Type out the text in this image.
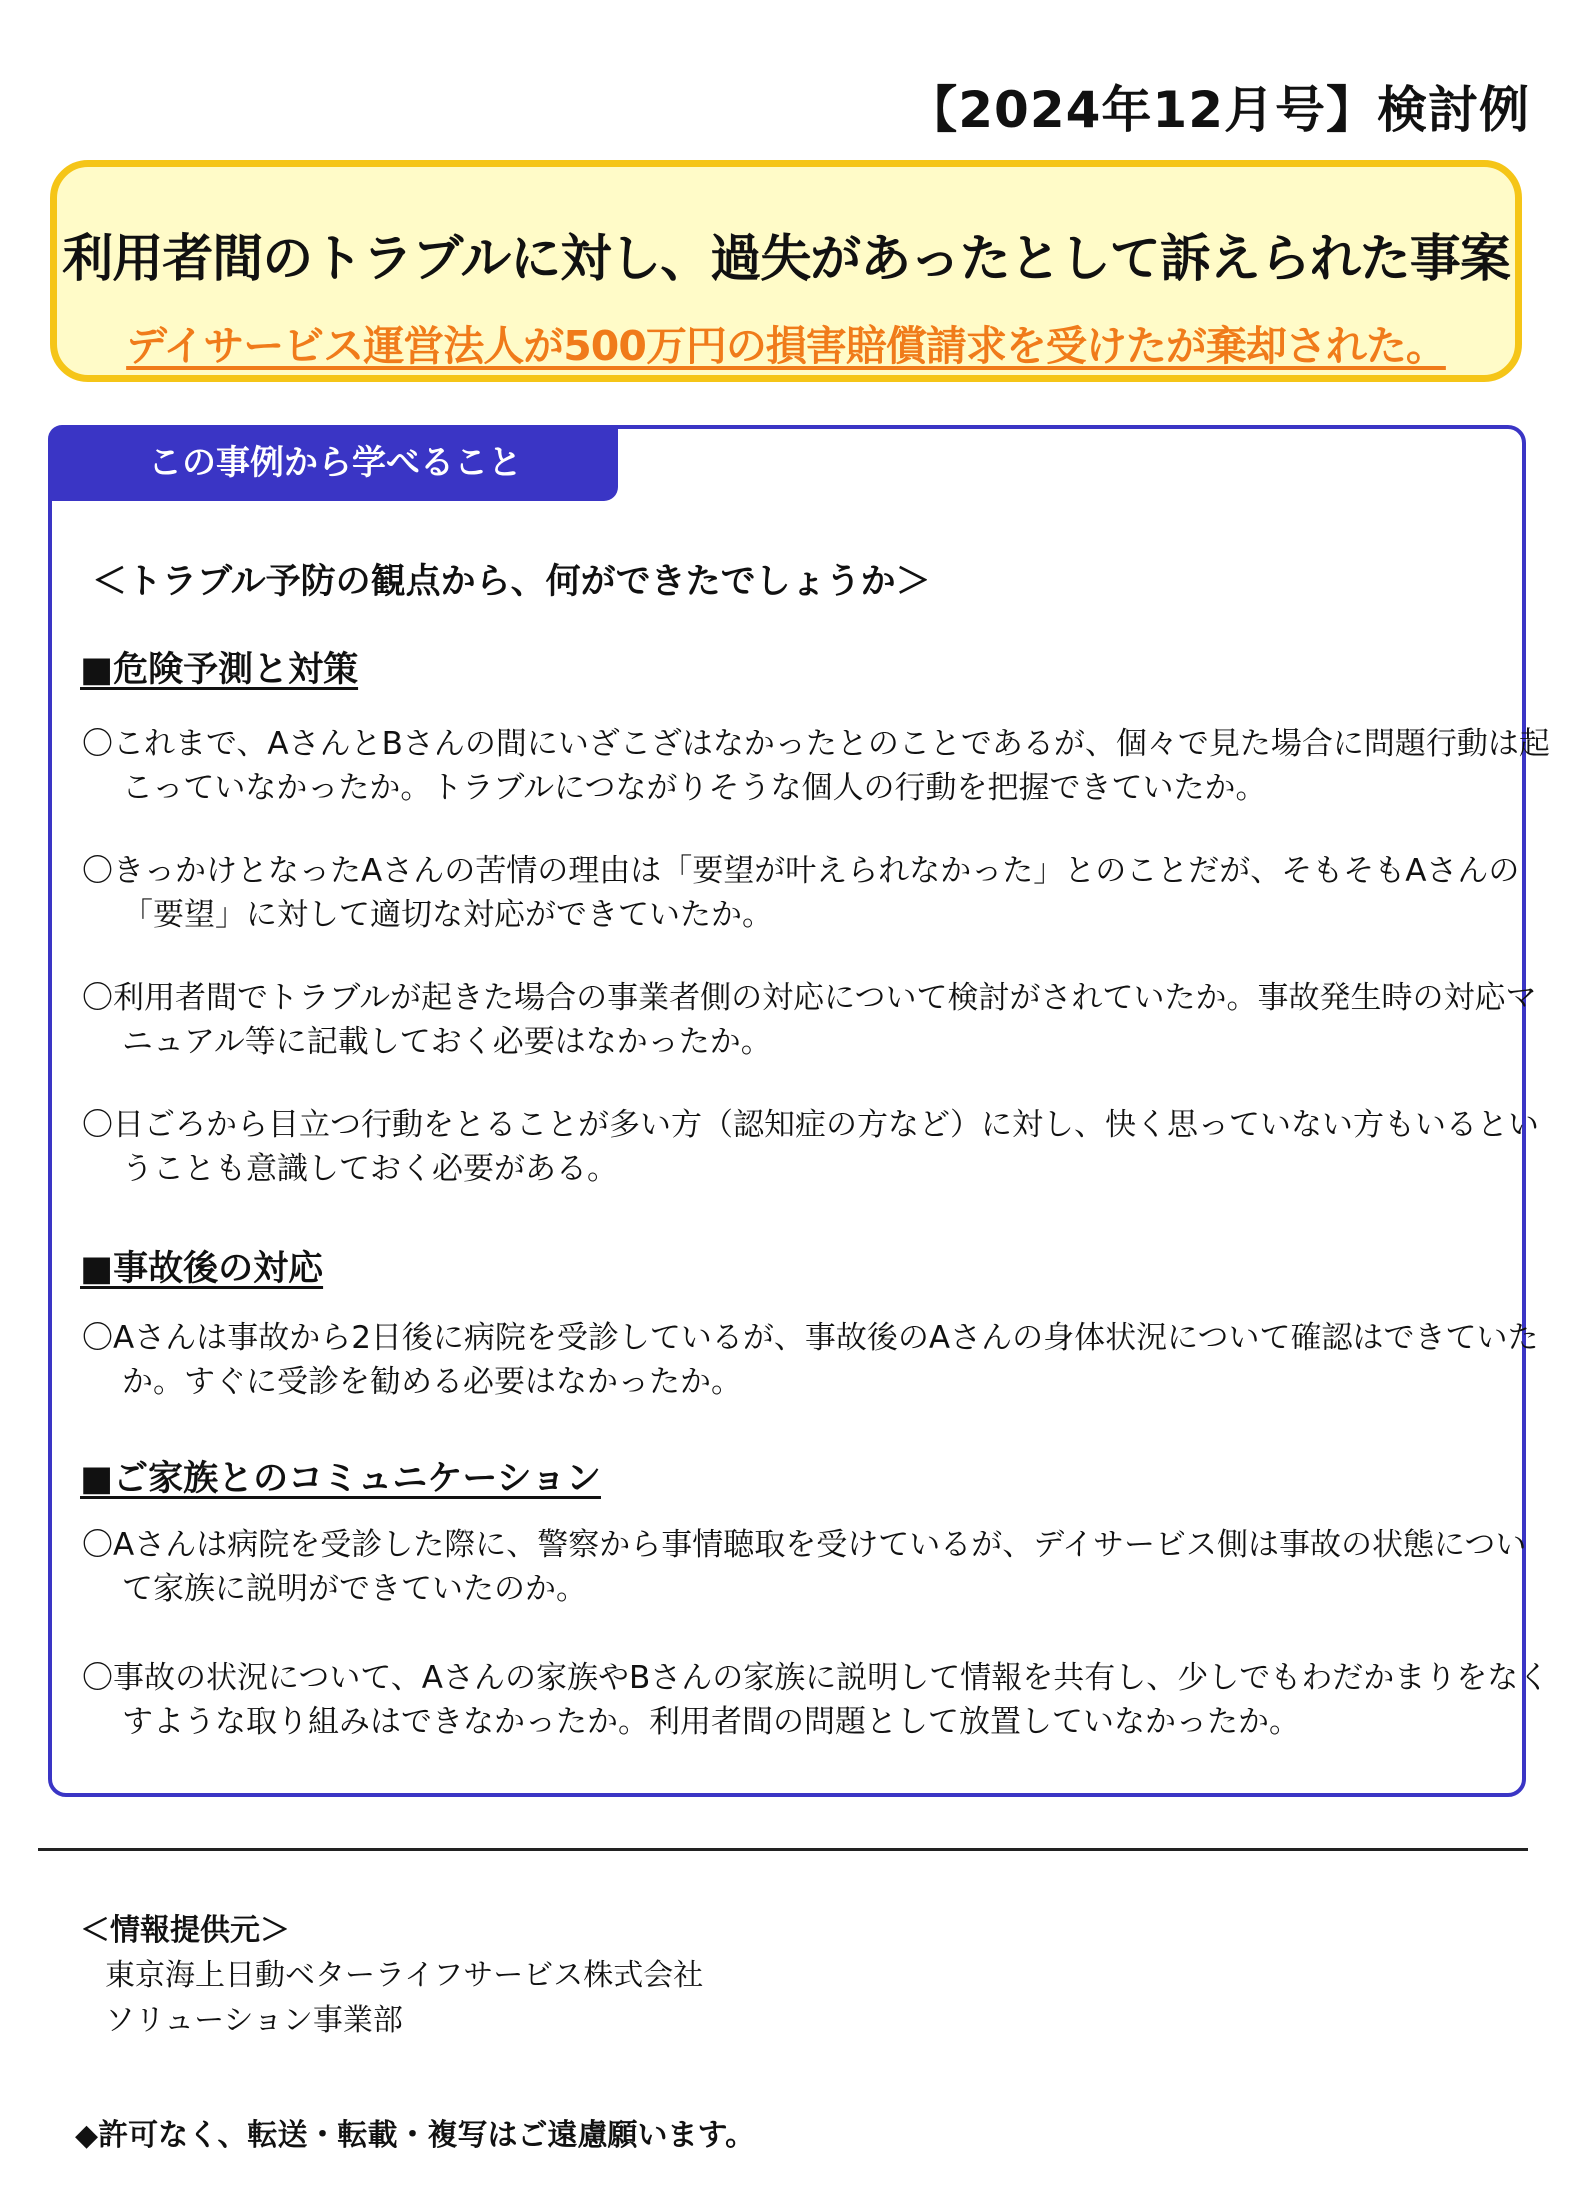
【2024年12月号】検討例
利用者間のトラブルに対し、過失があったとして訴えられた事案
デイサービス運営法人が500万円の損害賠償請求を受けたが棄却された。
この事例から学べること
＜トラブル予防の観点から、何ができたでしょうか＞
■危険予測と対策
〇これまで、AさんとBさんの間にいざこざはなかったとのことであるが、個々で見た場合に問題行動は起こっていなかったか。トラブルにつながりそうな個人の行動を把握できていたか。
〇きっかけとなったAさんの苦情の理由は「要望が叶えられなかった」とのことだが、そもそもAさんの「要望」に対して適切な対応ができていたか。
〇利用者間でトラブルが起きた場合の事業者側の対応について検討がされていたか。事故発生時の対応マニュアル等に記載しておく必要はなかったか。
〇日ごろから目立つ行動をとることが多い方（認知症の方など）に対し、快く思っていない方もいるということも意識しておく必要がある。
■事故後の対応
〇Aさんは事故から2日後に病院を受診しているが、事故後のAさんの身体状況について確認はできていたか。すぐに受診を勧める必要はなかったか。
■ご家族とのコミュニケーション
〇Aさんは病院を受診した際に、警察から事情聴取を受けているが、デイサービス側は事故の状態について家族に説明ができていたのか。
〇事故の状況について、Aさんの家族やBさんの家族に説明して情報を共有し、少しでもわだかまりをなくすような取り組みはできなかったか。利用者間の問題として放置していなかったか。
＜情報提供元＞
東京海上日動ベターライフサービス株式会社
ソリューション事業部
◆許可なく、転送・転載・複写はご遠慮願います。
